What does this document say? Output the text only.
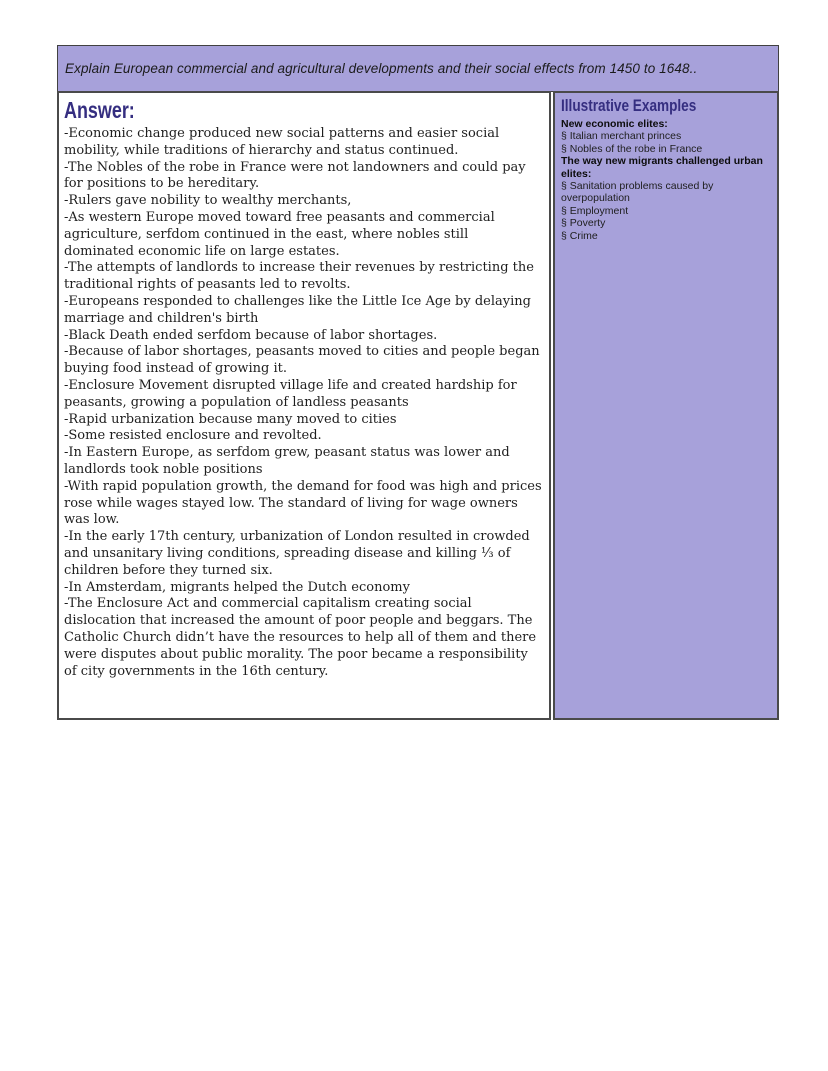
Explain European commercial and agricultural developments and their social effects from 1450 to 1648..
Answer:
-Economic change produced new social patterns and easier social mobility, while traditions of hierarchy and status continued.
-The Nobles of the robe in France were not landowners and could pay for positions to be hereditary.
-Rulers gave nobility to wealthy merchants,
-As western Europe moved toward free peasants and commercial agriculture, serfdom continued in the east, where nobles still dominated economic life on large estates.
-The attempts of landlords to increase their revenues by restricting the traditional rights of peasants led to revolts.
-Europeans responded to challenges like the Little Ice Age by delaying marriage and children's birth
-Black Death ended serfdom because of labor shortages.
-Because of labor shortages, peasants moved to cities and people began buying food instead of growing it.
-Enclosure Movement disrupted village life and created hardship for peasants, growing a population of landless peasants
-Rapid urbanization because many moved to cities
-Some resisted enclosure and revolted.
-In Eastern Europe, as serfdom grew, peasant status was lower and landlords took noble positions
-With rapid population growth, the demand for food was high and prices rose while wages stayed low. The standard of living for wage owners was low.
-In the early 17th century, urbanization of London resulted in crowded and unsanitary living conditions, spreading disease and killing ⅓ of children before they turned six.
-In Amsterdam, migrants helped the Dutch economy
-The Enclosure Act and commercial capitalism creating social dislocation that increased the amount of poor people and beggars. The Catholic Church didn’t have the resources to help all of them and there were disputes about public morality. The poor became a responsibility of city governments in the 16th century.
Illustrative Examples
New economic elites:
§ Italian merchant princes
§ Nobles of the robe in France
The way new migrants challenged urban elites:
§ Sanitation problems caused by overpopulation
§ Employment
§ Poverty
§ Crime
